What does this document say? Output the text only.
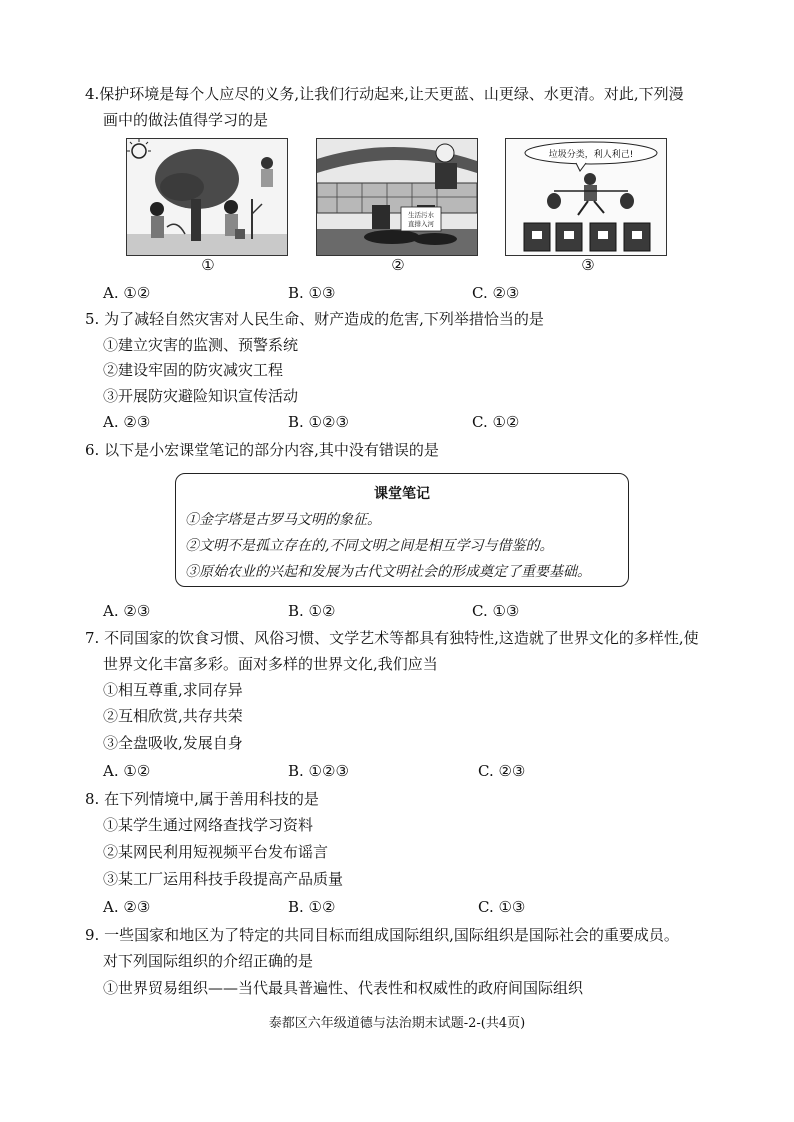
4.保护环境是每个人应尽的义务,让我们行动起来,让天更蓝、山更绿、水更清。对此,下列漫
画中的做法值得学习的是
①
生活污水
直排入河
②
垃圾分类，利人利己!
③
A. ①②	B. ①③	C. ②③
5. 为了减轻自然灾害对人民生命、财产造成的危害,下列举措恰当的是
①建立灾害的监测、预警系统
②建设牢固的防灾减灾工程
③开展防灾避险知识宣传活动
A. ②③	B. ①②③	C. ①②
6. 以下是小宏课堂笔记的部分内容,其中没有错误的是
课堂笔记
①金字塔是古罗马文明的象征。
②文明不是孤立存在的,不同文明之间是相互学习与借鉴的。
③原始农业的兴起和发展为古代文明社会的形成奠定了重要基础。
A. ②③	B. ①②	C. ①③
7. 不同国家的饮食习惯、风俗习惯、文学艺术等都具有独特性,这造就了世界文化的多样性,使
世界文化丰富多彩。面对多样的世界文化,我们应当
①相互尊重,求同存异
②互相欣赏,共存共荣
③全盘吸收,发展自身
A. ①②	B. ①②③	C. ②③
8. 在下列情境中,属于善用科技的是
①某学生通过网络查找学习资料
②某网民利用短视频平台发布谣言
③某工厂运用科技手段提高产品质量
A. ②③	B. ①②	C. ①③
9. 一些国家和地区为了特定的共同目标而组成国际组织,国际组织是国际社会的重要成员。
对下列国际组织的介绍正确的是
①世界贸易组织——当代最具普遍性、代表性和权威性的政府间国际组织
泰都区六年级道德与法治期末试题-2-(共4页)
